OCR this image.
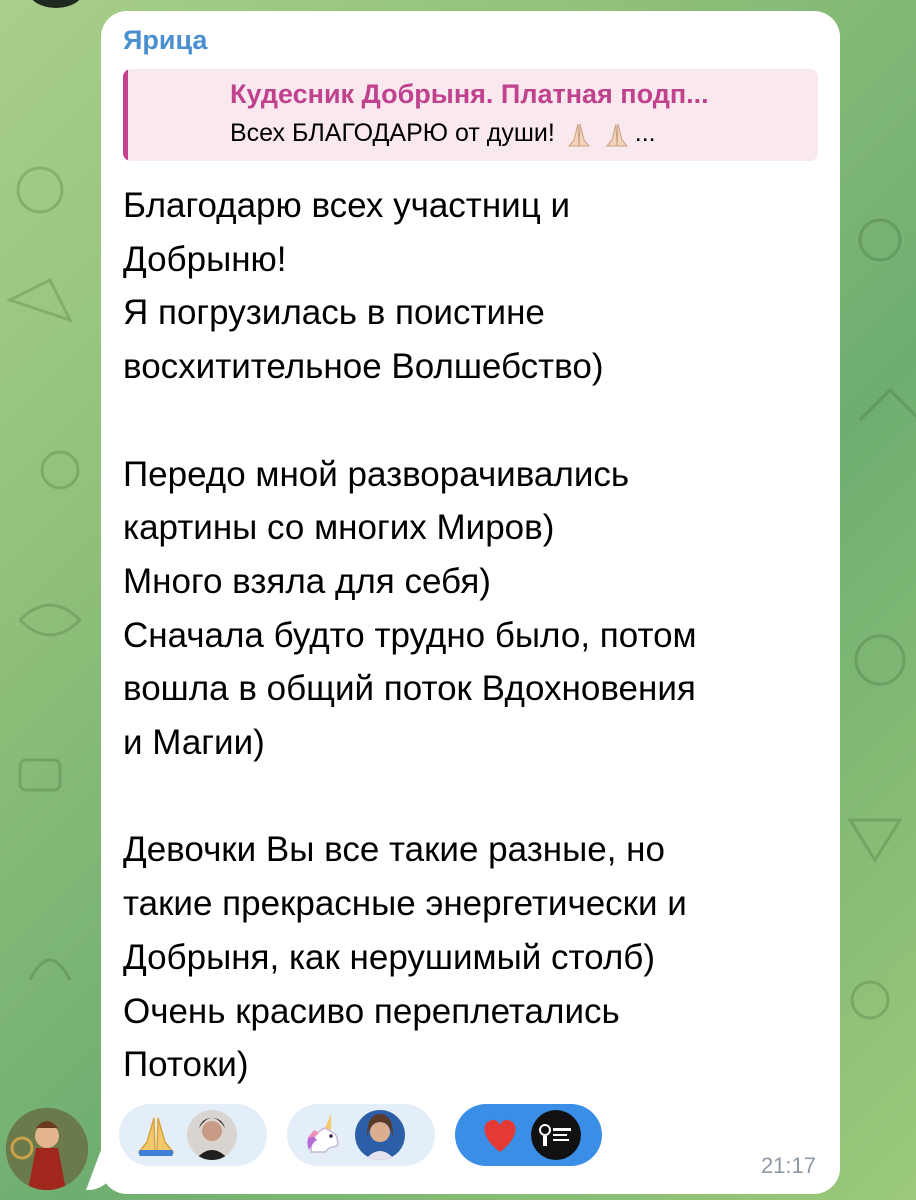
Ярица
Кудесник Добрыня. Платная подп...
Всех БЛАГОДАРЮ от души!	...

Благодарю всех участниц и

Добрыню!

Я погрузилась в поистине

восхитительное Волшебство)

Передо мной разворачивались

картины со многих Миров)

Много взяла для себя)

Сначала будто трудно было, потом

вошла в общий поток Вдохновения

и Магии)

Девочки Вы все такие разные, но

такие прекрасные энергетически и

Добрыня, как нерушимый столб)

Очень красиво переплетались

Потоки)

21:17
